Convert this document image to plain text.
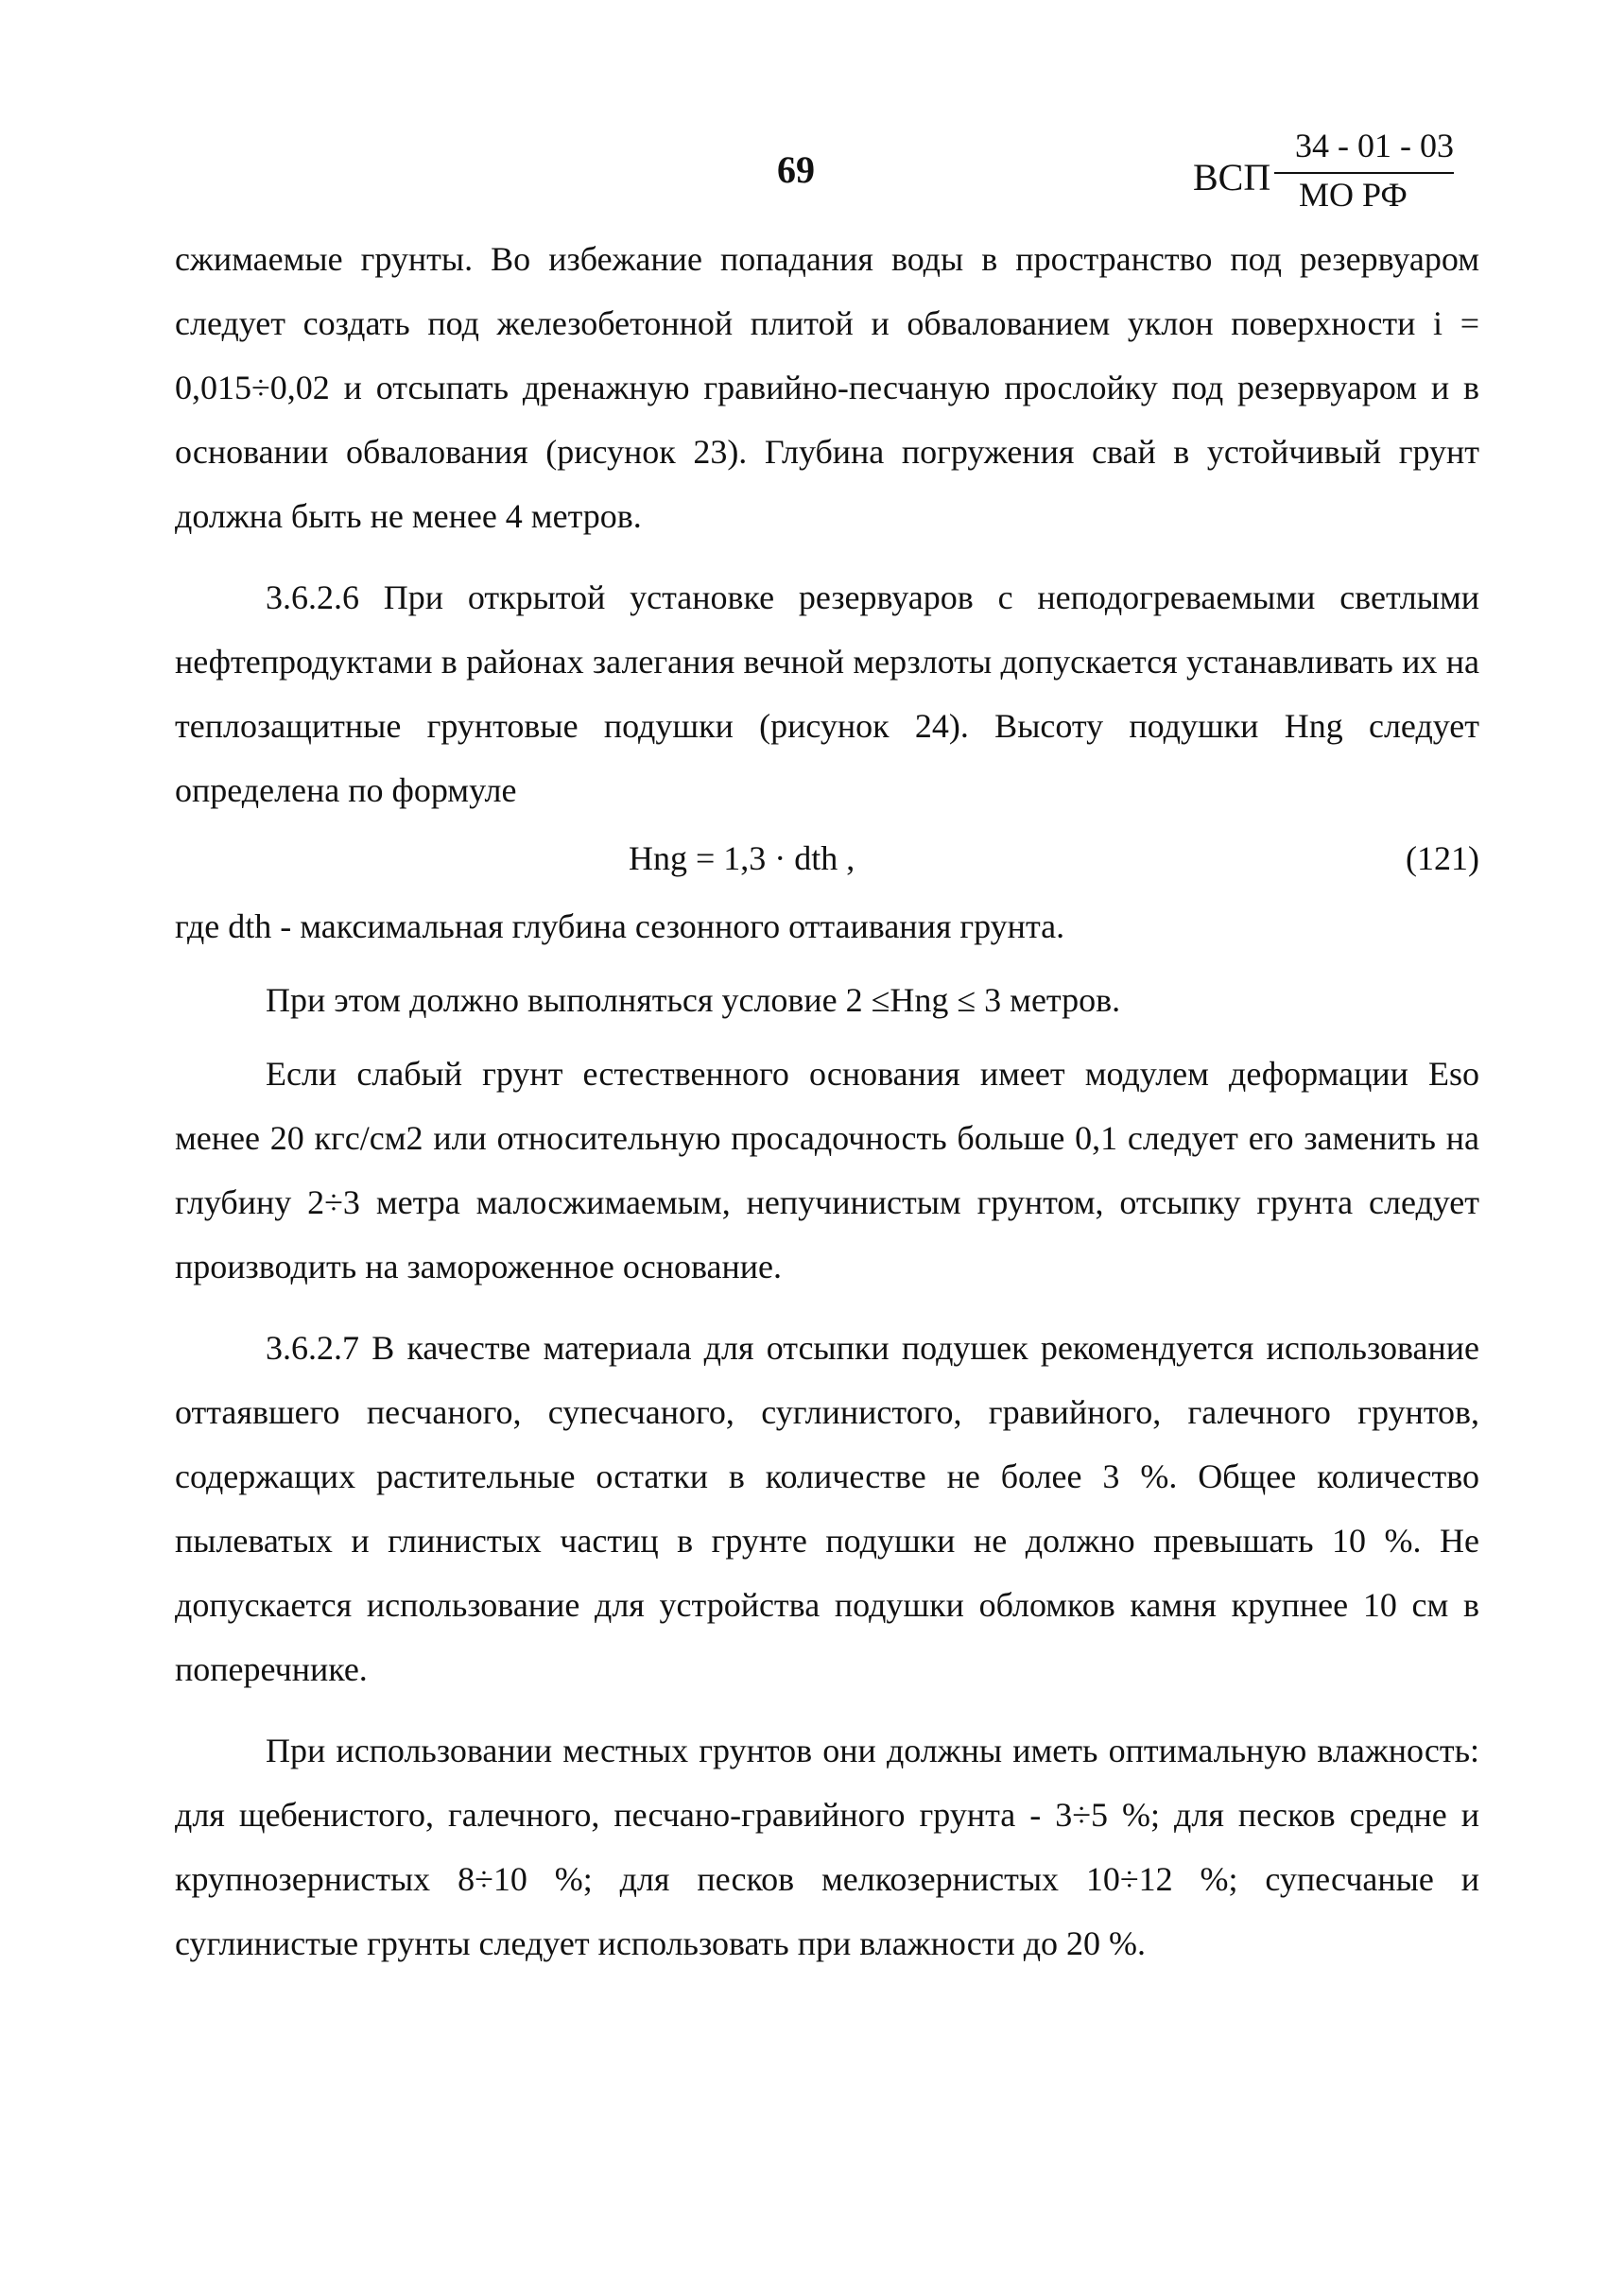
69	ВСП
34 - 01 - 03
МО РФ

сжимаемые грунты. Во избежание попадания воды в пространство под резервуаром следует создать под железобетонной плитой и обвалованием уклон поверхности i = 0,015÷0,02 и отсыпать дренажную гравийно-песчаную прослойку под резервуаром и в основании обвалования (рисунок 23). Глубина погружения свай в устойчивый грунт должна быть не менее 4 метров.

3.6.2.6 При открытой установке резервуаров с неподогреваемыми светлыми нефтепродуктами в районах залегания вечной мерзлоты допускается устанавливать их на теплозащитные грунтовые подушки (рисунок 24). Высоту подушки Hng следует определена по формуле

Hng = 1,3 · dth ,	(121)

где dth - максимальная глубина сезонного оттаивания грунта.

При этом должно выполняться условие 2 ≤Hng ≤ 3 метров.

Если слабый грунт естественного основания имеет модулем деформации Eso менее 20 кгс/см2 или относительную просадочность больше 0,1 следует его заменить на глубину 2÷3 метра малосжимаемым, непучинистым грунтом, отсыпку грунта следует производить на замороженное основание.

3.6.2.7 В качестве материала для отсыпки подушек рекомендуется использование оттаявшего песчаного, супесчаного, суглинистого, гравийного, галечного грунтов, содержащих растительные остатки в количестве не более 3 %. Общее количество пылеватых и глинистых частиц в грунте подушки не должно превышать 10 %. Не допускается использование для устройства подушки обломков камня крупнее 10 см в поперечнике.

При использовании местных грунтов они должны иметь оптимальную влажность: для щебенистого, галечного, песчано-гравийного грунта - 3÷5 %; для песков средне и крупнозернистых 8÷10 %; для песков мелкозернистых 10÷12 %; супесчаные и суглинистые грунты следует использовать при влажности до 20 %.
